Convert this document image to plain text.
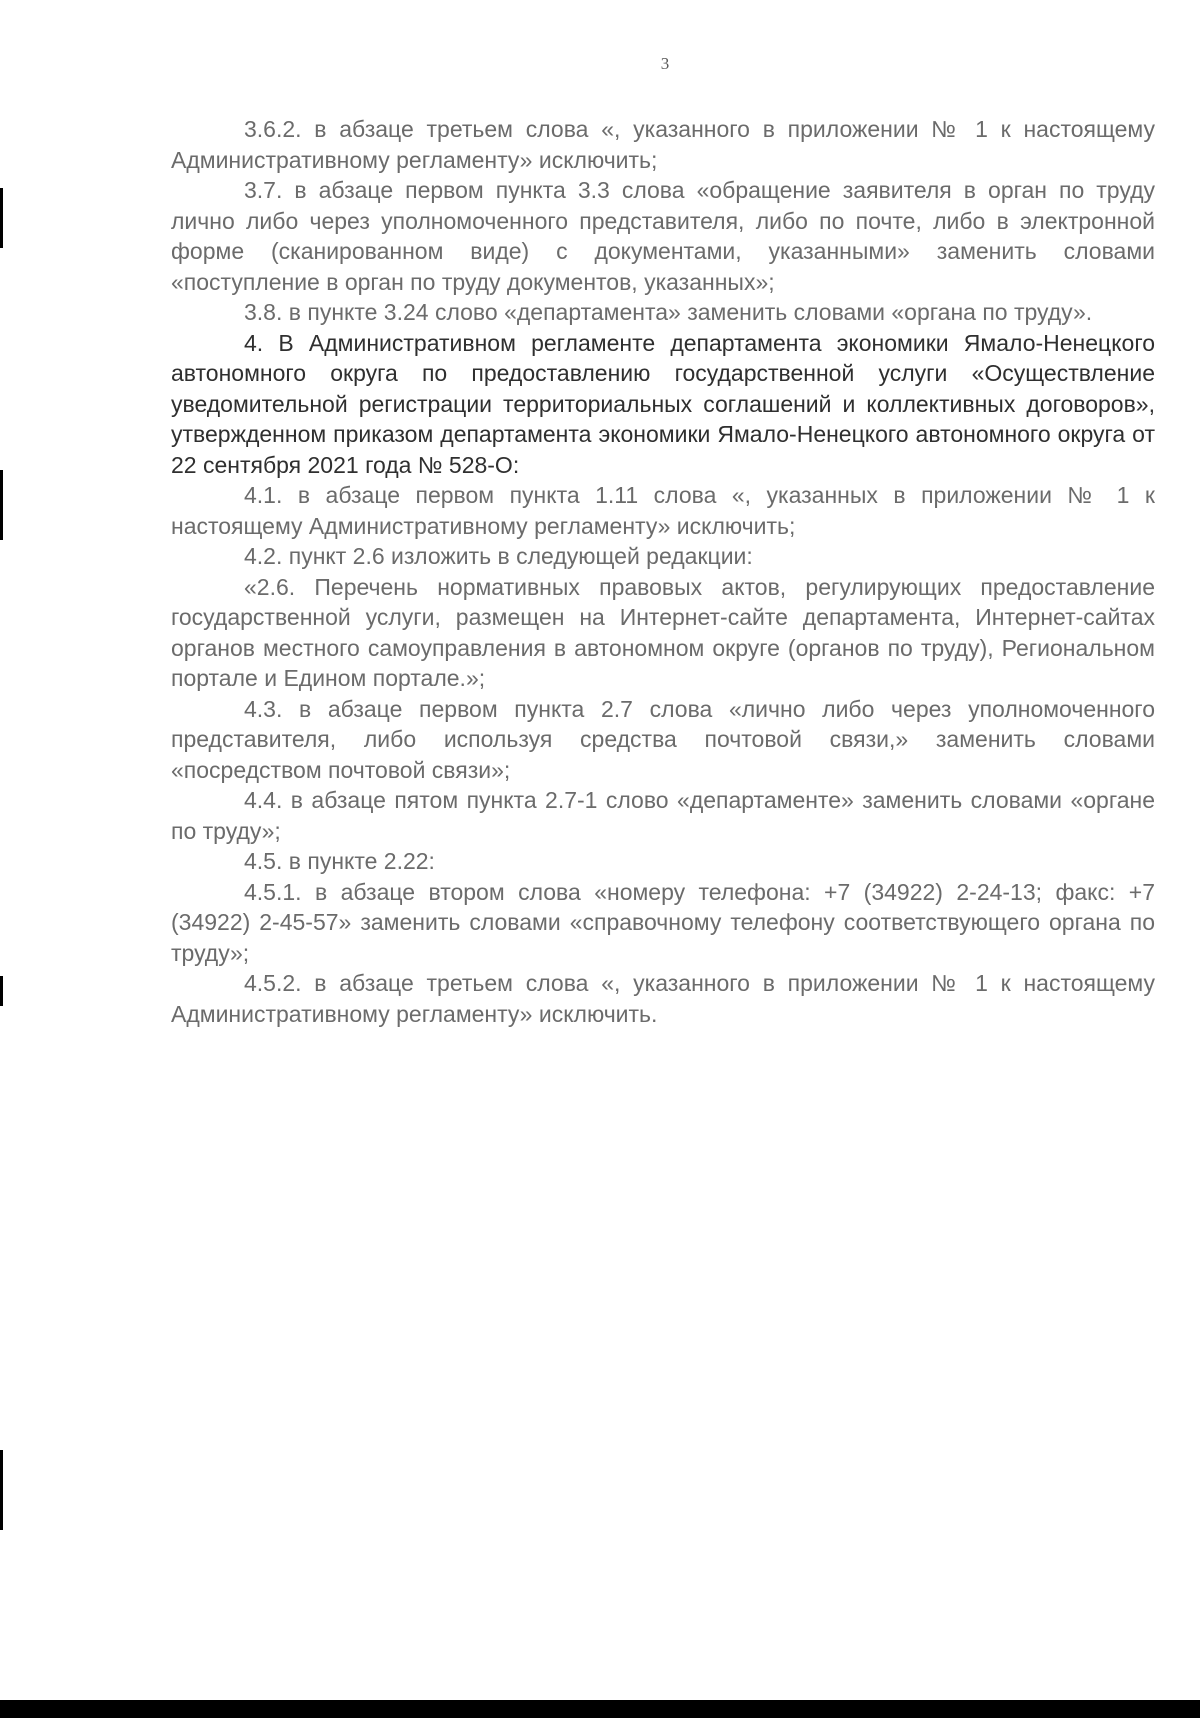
3

3.6.2. в абзаце третьем слова «, указанного в приложении № 1 к настоящему Административному регламенту» исключить;

3.7. в абзаце первом пункта 3.3 слова «обращение заявителя в орган по труду лично либо через уполномоченного представителя, либо по почте, либо в электронной форме (сканированном виде) с документами, указанными» заменить словами «поступление в орган по труду документов, указанных»;

3.8. в пункте 3.24 слово «департамента» заменить словами «органа по труду».

4. В Административном регламенте департамента экономики Ямало-Ненецкого автономного округа по предоставлению государственной услуги «Осуществление уведомительной регистрации территориальных соглашений и коллективных договоров», утвержденном приказом департамента экономики Ямало-Ненецкого автономного округа от 22 сентября 2021 года № 528-О:

4.1. в абзаце первом пункта 1.11 слова «, указанных в приложении № 1 к настоящему Административному регламенту» исключить;

4.2. пункт 2.6 изложить в следующей редакции:

«2.6. Перечень нормативных правовых актов, регулирующих предоставление государственной услуги, размещен на Интернет-сайте департамента, Интернет-сайтах органов местного самоуправления в автономном округе (органов по труду), Региональном портале и Едином портале.»;

4.3. в абзаце первом пункта 2.7 слова «лично либо через уполномоченного представителя, либо используя средства почтовой связи,» заменить словами «посредством почтовой связи»;

4.4. в абзаце пятом пункта 2.7-1 слово «департаменте» заменить словами «органе по труду»;

4.5. в пункте 2.22:

4.5.1. в абзаце втором слова «номеру телефона: +7 (34922) 2-24-13; факс: +7 (34922) 2-45-57» заменить словами «справочному телефону соответствующего органа по труду»;

4.5.2. в абзаце третьем слова «, указанного в приложении № 1 к настоящему Административному регламенту» исключить.
